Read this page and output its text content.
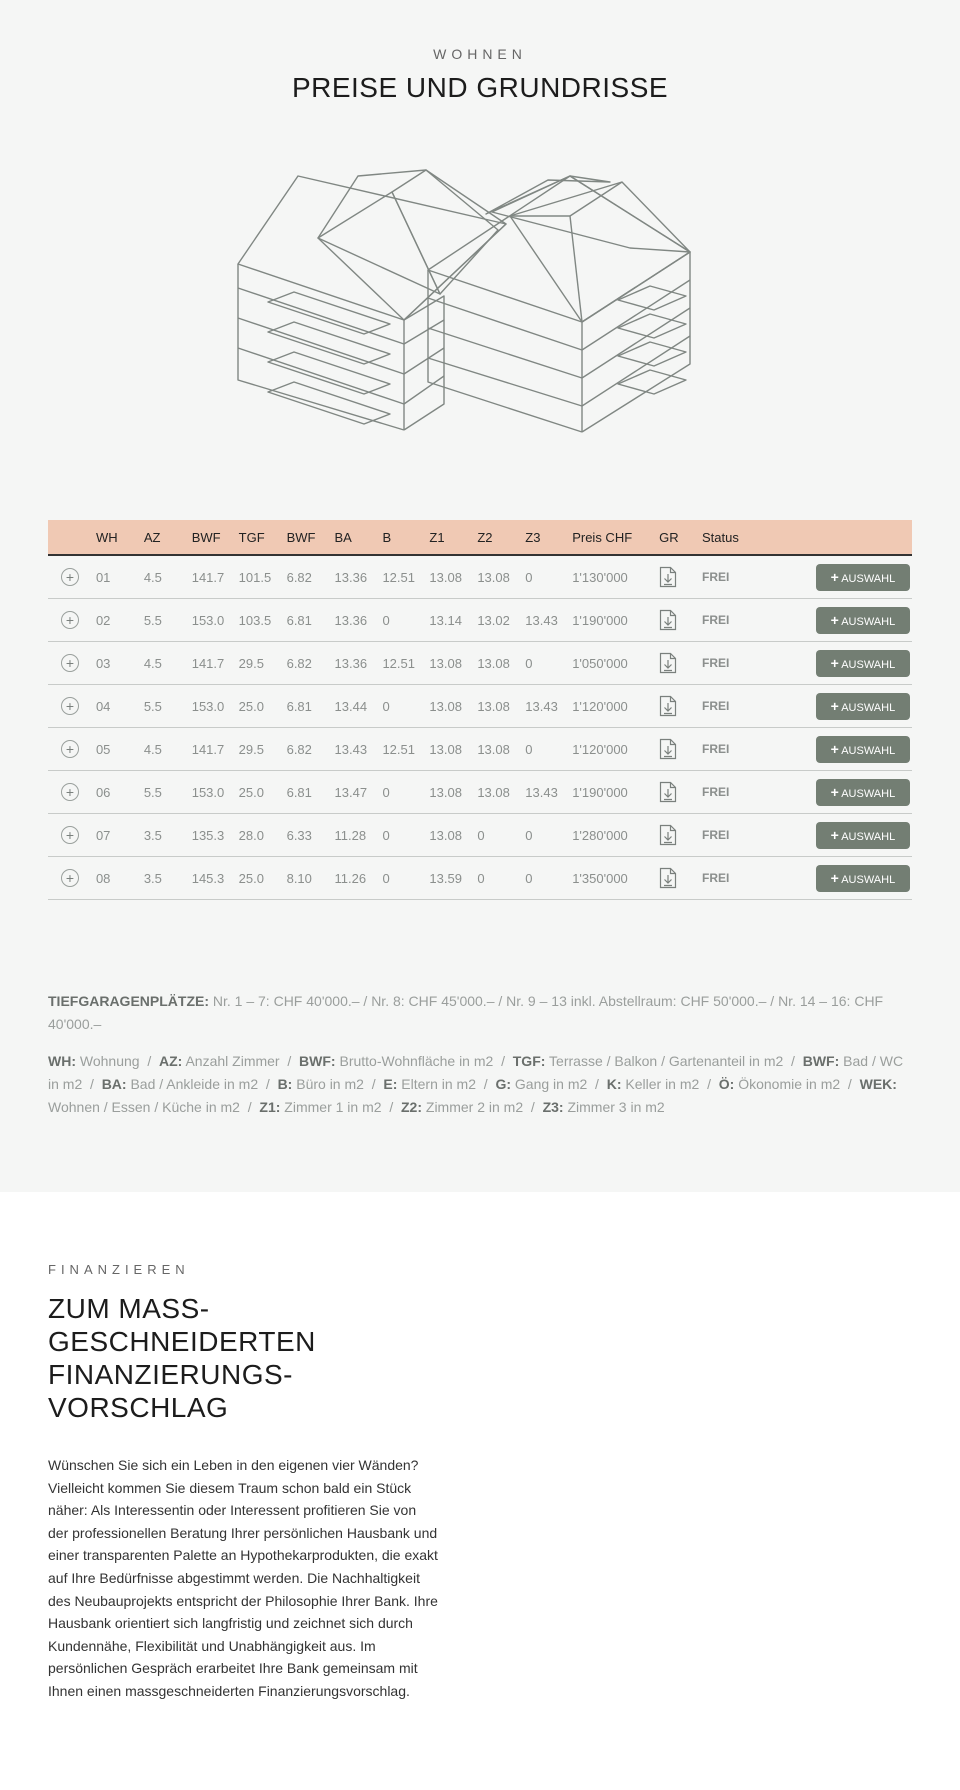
WOHNEN

PREISE UND GRUNDRISSE
	WH	AZ	BWF	TGF	BWF	BA	B	Z1	Z2	Z3	Preis CHF	GR	Status	
+	01	4.5	141.7	101.5	6.82	13.36	12.51	13.08	13.08	0	1'130'000		FREI	+ AUSWAHL
+	02	5.5	153.0	103.5	6.81	13.36	0	13.14	13.02	13.43	1'190'000		FREI	+ AUSWAHL
+	03	4.5	141.7	29.5	6.82	13.36	12.51	13.08	13.08	0	1'050'000		FREI	+ AUSWAHL
+	04	5.5	153.0	25.0	6.81	13.44	0	13.08	13.08	13.43	1'120'000		FREI	+ AUSWAHL
+	05	4.5	141.7	29.5	6.82	13.43	12.51	13.08	13.08	0	1'120'000		FREI	+ AUSWAHL
+	06	5.5	153.0	25.0	6.81	13.47	0	13.08	13.08	13.43	1'190'000		FREI	+ AUSWAHL
+	07	3.5	135.3	28.0	6.33	11.28	0	13.08	0	0	1'280'000		FREI	+ AUSWAHL
+	08	3.5	145.3	25.0	8.10	11.26	0	13.59	0	0	1'350'000		FREI	+ AUSWAHL

TIEFGARAGENPLÄTZE: Nr. 1 – 7: CHF 40'000.– / Nr. 8: CHF 45'000.– / Nr. 9 – 13 inkl. Abstellraum: CHF 50'000.– / Nr. 14 – 16: CHF 40'000.–

WH: Wohnung  /  AZ: Anzahl Zimmer  /  BWF: Brutto-Wohnfläche in m2  /  TGF: Terrasse / Balkon / Gartenanteil in m2  /  BWF: Bad / WC in m2  /  BA: Bad / Ankleide in m2  /  B: Büro in m2  /  E: Eltern in m2  /  G: Gang in m2  /  K: Keller in m2  /  Ö: Ökonomie in m2  /  WEK: Wohnen / Essen / Küche in m2  /  Z1: Zimmer 1 in m2  /  Z2: Zimmer 2 in m2  /  Z3: Zimmer 3 in m2

FINANZIEREN

ZUM MASS-
GESCHNEIDERTEN
FINANZIERUNGS-
VORSCHLAG

Wünschen Sie sich ein Leben in den eigenen vier Wänden? Vielleicht kommen Sie diesem Traum schon bald ein Stück näher: Als Interessentin oder Interessent profitieren Sie von der professionellen Beratung Ihrer persönlichen Hausbank und einer transparenten Palette an Hypothekarprodukten, die exakt auf Ihre Bedürfnisse abgestimmt werden. Die Nachhaltigkeit des Neubauprojekts entspricht der Philosophie Ihrer Bank. Ihre Hausbank orientiert sich langfristig und zeichnet sich durch Kundennähe, Flexibilität und Unabhängigkeit aus. Im persönlichen Gespräch erarbeitet Ihre Bank gemeinsam mit Ihnen einen massgeschneiderten Finanzierungsvorschlag.
